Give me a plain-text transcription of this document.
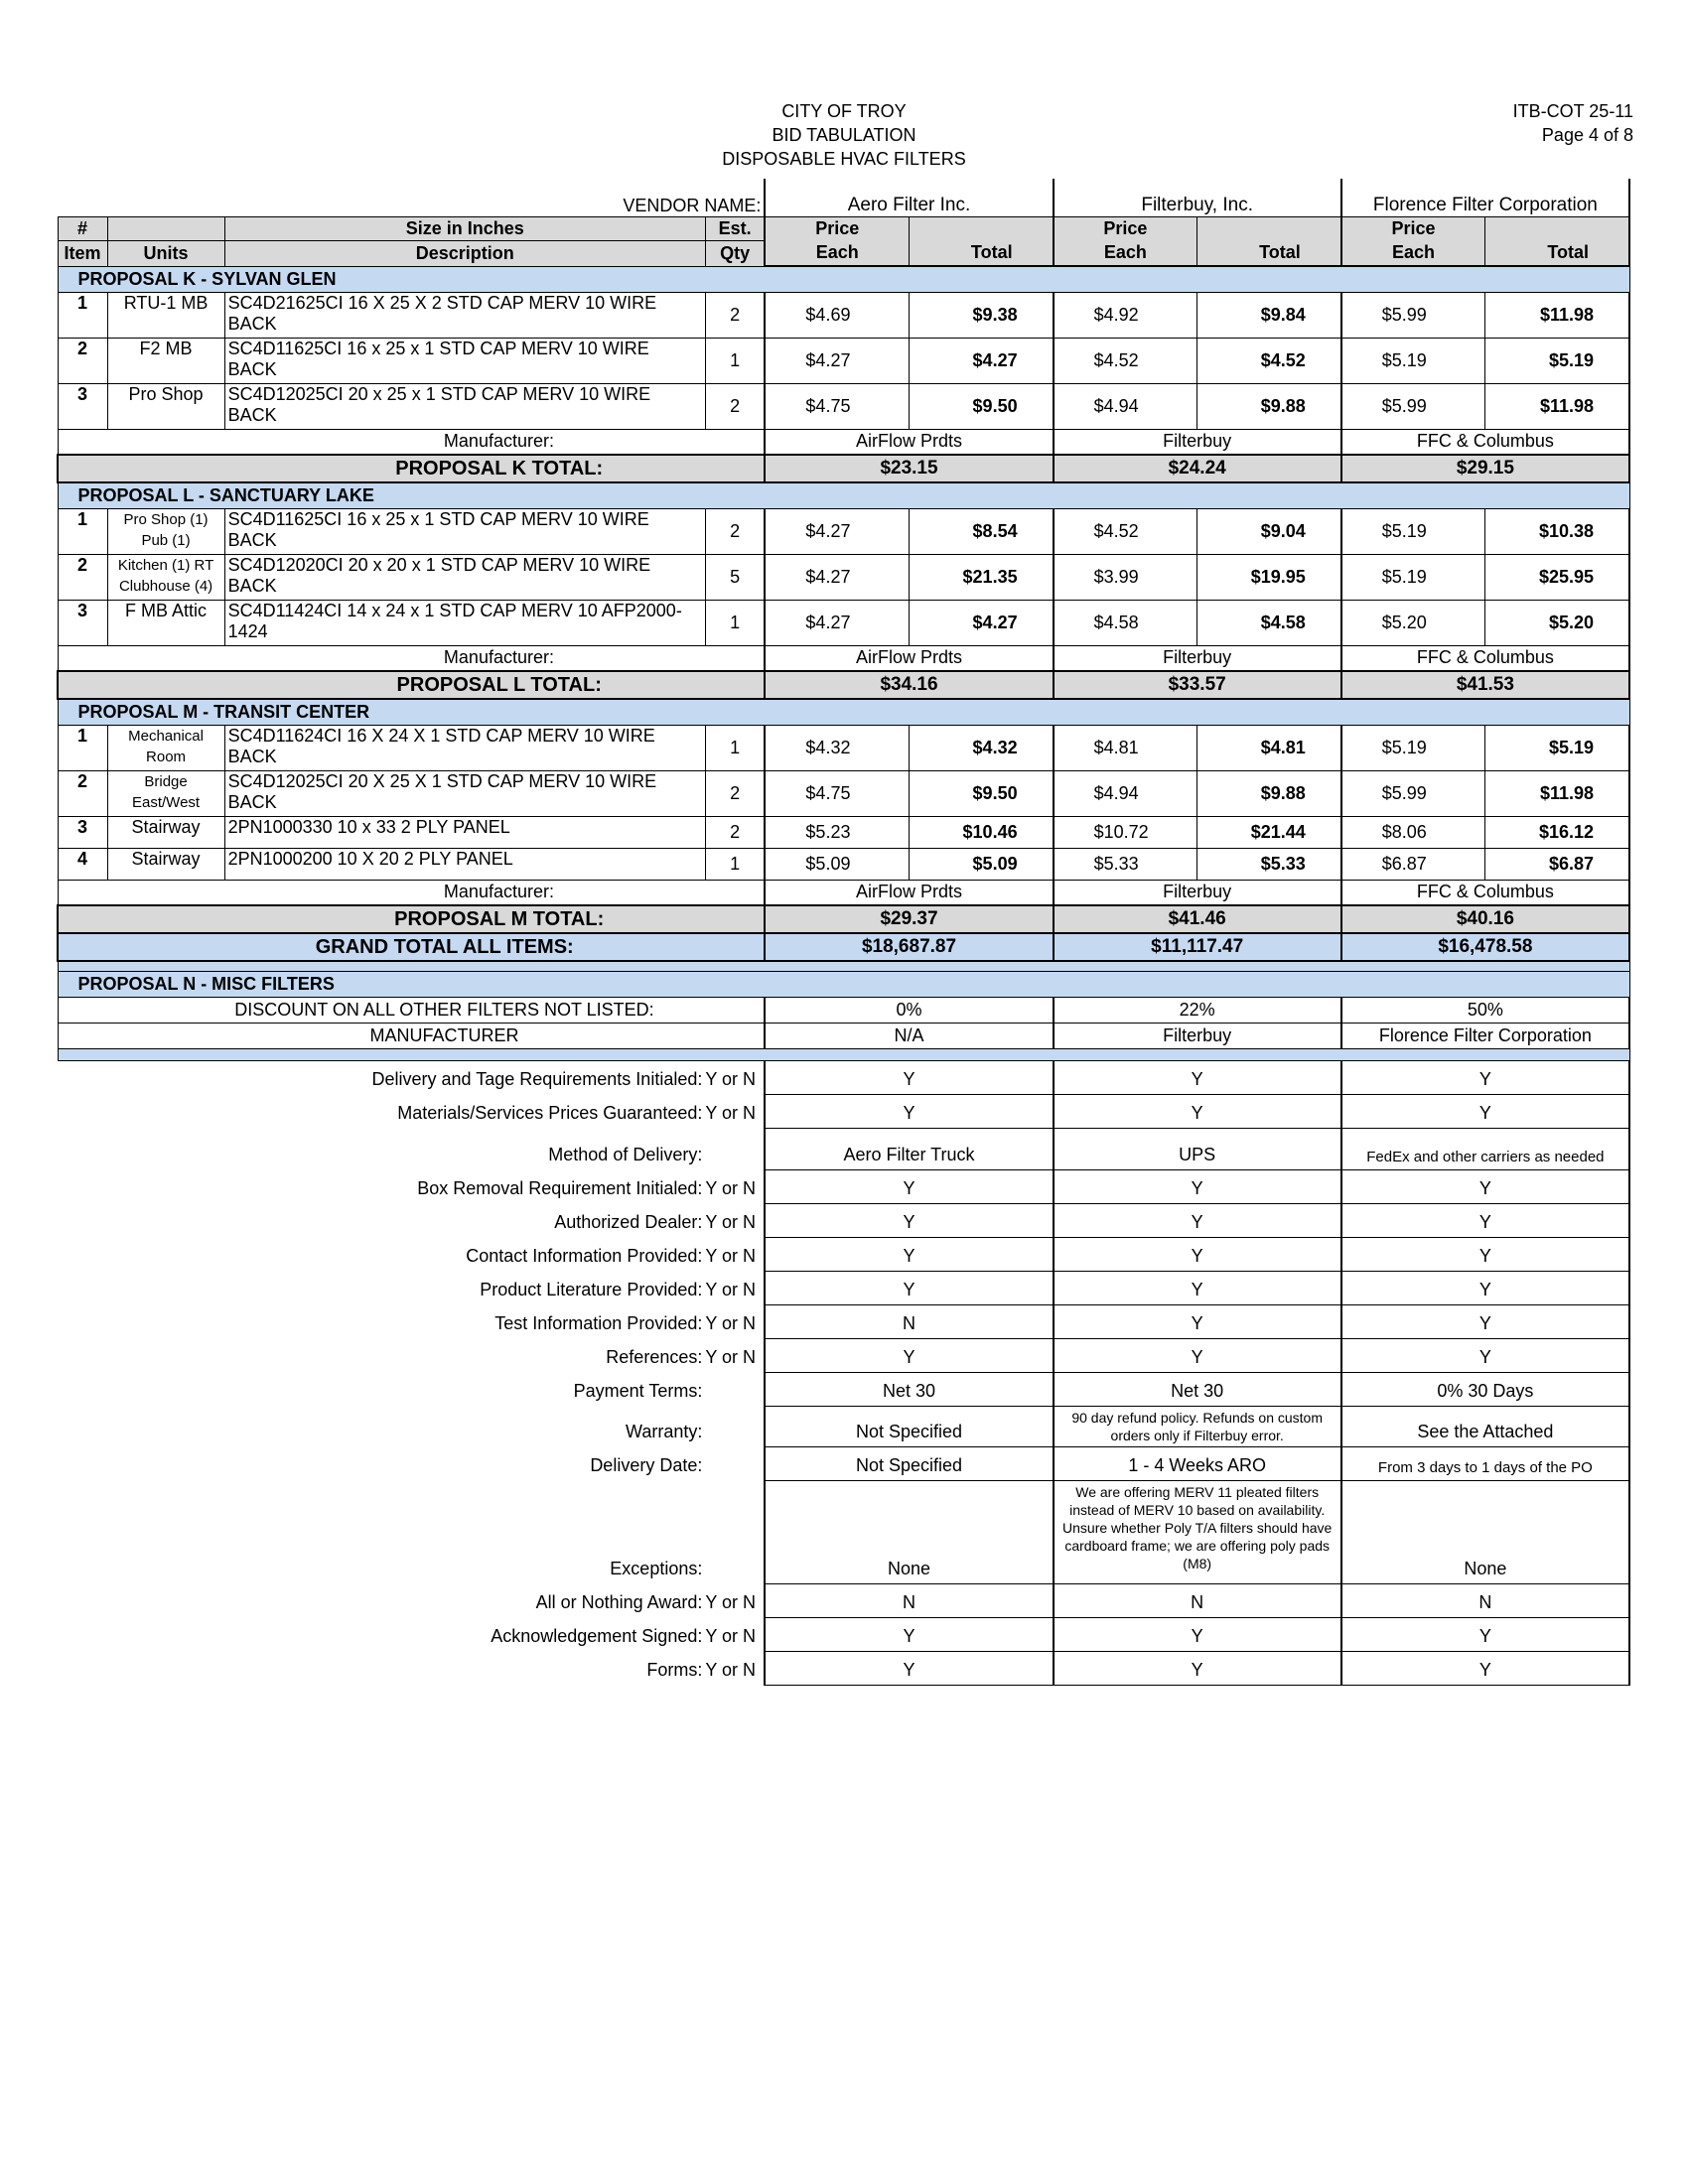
CITY OF TROY
BID TABULATION
DISPOSABLE HVAC FILTERS
ITB-COT 25-11
Page 4 of 8
VENDOR NAME:				Aero Filter Inc.		Filterbuy, Inc.		Florence Filter Corporation	
#		Size in Inches	Est.	Price		Price		Price	
Item	Units	Description	Qty	Each	Total	Each	Total	Each	Total
PROPOSAL K - SYLVAN GLEN									
1	RTU-1 MB	SC4D21625CI 16 X 25 X 2 STD CAP MERV 10 WIRE BACK	2	$4.69	$9.38	$4.92	$9.84	$5.99	$11.98
2	F2 MB	SC4D11625CI 16 x 25 x 1 STD CAP MERV 10 WIRE BACK	1	$4.27	$4.27	$4.52	$4.52	$5.19	$5.19
3	Pro Shop	SC4D12025CI 20 x 25 x 1 STD CAP MERV 10 WIRE BACK	2	$4.75	$9.50	$4.94	$9.88	$5.99	$11.98
Manufacturer:				AirFlow Prdts		Filterbuy		FFC & Columbus	
PROPOSAL K TOTAL:				$23.15		$24.24		$29.15	
PROPOSAL L - SANCTUARY LAKE									
1	Pro Shop (1) Pub (1)	SC4D11625CI 16 x 25 x 1 STD CAP MERV 10 WIRE BACK	2	$4.27	$8.54	$4.52	$9.04	$5.19	$10.38
2	Kitchen (1) RT Clubhouse (4)	SC4D12020CI 20 x 20 x 1 STD CAP MERV 10 WIRE BACK	5	$4.27	$21.35	$3.99	$19.95	$5.19	$25.95
3	F MB Attic	SC4D11424CI 14 x 24 x 1 STD CAP MERV 10 AFP2000-1424	1	$4.27	$4.27	$4.58	$4.58	$5.20	$5.20
Manufacturer:				AirFlow Prdts		Filterbuy		FFC & Columbus	
PROPOSAL L TOTAL:				$34.16		$33.57		$41.53	
PROPOSAL M - TRANSIT CENTER									
1	Mechanical Room	SC4D11624CI 16 X 24 X 1 STD CAP MERV 10 WIRE BACK	1	$4.32	$4.32	$4.81	$4.81	$5.19	$5.19
2	Bridge East/West	SC4D12025CI 20 X 25 X 1 STD CAP MERV 10 WIRE BACK	2	$4.75	$9.50	$4.94	$9.88	$5.99	$11.98
3	Stairway	2PN1000330 10 x 33 2 PLY PANEL	2	$5.23	$10.46	$10.72	$21.44	$8.06	$16.12
4	Stairway	2PN1000200 10 X 20 2 PLY PANEL	1	$5.09	$5.09	$5.33	$5.33	$6.87	$6.87
Manufacturer:				AirFlow Prdts		Filterbuy		FFC & Columbus	
PROPOSAL M TOTAL:				$29.37		$41.46		$40.16	
GRAND TOTAL ALL ITEMS:				$18,687.87		$11,117.47		$16,478.58	

PROPOSAL N - MISC FILTERS									
DISCOUNT ON ALL OTHER FILTERS NOT LISTED:				0%		22%		50%	
MANUFACTURER				N/A		Filterbuy		Florence Filter Corporation	

Delivery and Tage Requirements Initialed:			Y or N	Y		Y		Y	
Materials/Services Prices Guaranteed:			Y or N	Y		Y		Y	
Method of Delivery:				Aero Filter Truck		UPS		FedEx and other carriers as needed	
Box Removal Requirement Initialed:			Y or N	Y		Y		Y	
Authorized Dealer:			Y or N	Y		Y		Y	
Contact Information Provided:			Y or N	Y		Y		Y	
Product Literature Provided:			Y or N	Y		Y		Y	
Test Information Provided:			Y or N	N		Y		Y	
References:			Y or N	Y		Y		Y	
Payment Terms:				Net 30		Net 30		0% 30 Days	
Warranty:				Not Specified		90 day refund policy. Refunds on custom orders only if Filterbuy error.		See the Attached	
Delivery Date:				Not Specified		1 - 4 Weeks ARO		From 3 days to 1 days of the PO	
Exceptions:				None		We are offering MERV 11 pleated filters instead of MERV 10 based on availability. Unsure whether Poly T/A filters should have cardboard frame; we are offering poly pads (M8)		None	
All or Nothing Award:			Y or N	N		N		N	
Acknowledgement Signed:			Y or N	Y		Y		Y	
Forms:			Y or N	Y		Y		Y	
